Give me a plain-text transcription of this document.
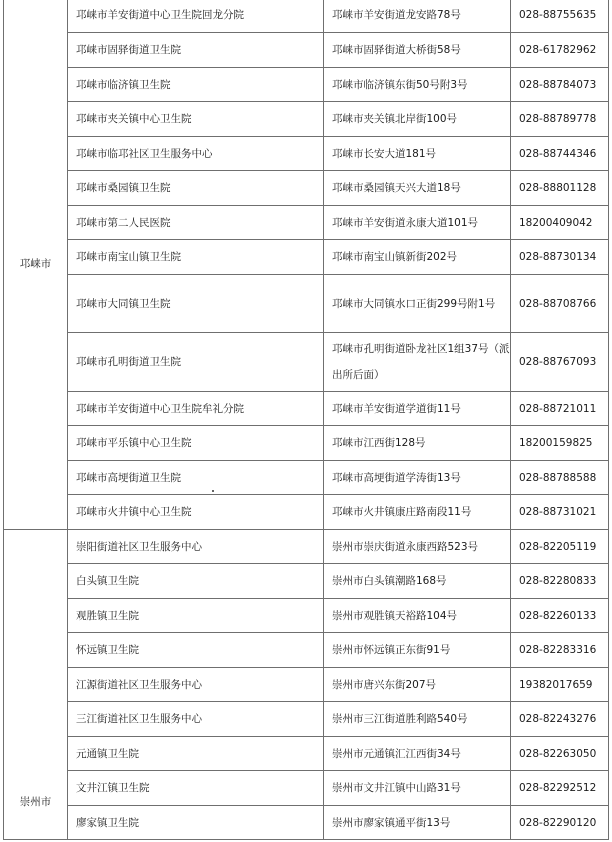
邛崃市	邛崃市羊安街道中心卫生院回龙分院	邛崃市羊安街道龙安路78号	028-88755635
	邛崃市固驿街道卫生院	邛崃市固驿街道大桥街58号	028-61782962
	邛崃市临济镇卫生院	邛崃市临济镇东街50号附3号	028-88784073
	邛崃市夹关镇中心卫生院	邛崃市夹关镇北岸街100号	028-88789778
	邛崃市临邛社区卫生服务中心	邛崃市长安大道181号	028-88744346
	邛崃市桑园镇卫生院	邛崃市桑园镇天兴大道18号	028-88801128
	邛崃市第二人民医院	邛崃市羊安街道永康大道101号	18200409042
	邛崃市南宝山镇卫生院	邛崃市南宝山镇新街202号	028-88730134
	邛崃市大同镇卫生院	邛崃市大同镇水口正街299号附1号	028-88708766
	邛崃市孔明街道卫生院	邛崃市孔明街道卧龙社区1组37号（派出所后面）	028-88767093
	邛崃市羊安街道中心卫生院牟礼分院	邛崃市羊安街道学道街11号	028-88721011
	邛崃市平乐镇中心卫生院	邛崃市江西街128号	18200159825
	邛崃市高埂街道卫生院	邛崃市高埂街道学涛街13号	028-88788588
	邛崃市火井镇中心卫生院	邛崃市火井镇康庄路南段11号	028-88731021
崇州市	崇阳街道社区卫生服务中心	崇州市崇庆街道永康西路523号	028-82205119
	白头镇卫生院	崇州市白头镇潮路168号	028-82280833
	观胜镇卫生院	崇州市观胜镇天裕路104号	028-82260133
	怀远镇卫生院	崇州市怀远镇正东街91号	028-82283316
	江源街道社区卫生服务中心	崇州市唐兴东街207号	19382017659
	三江街道社区卫生服务中心	崇州市三江街道胜利路540号	028-82243276
	元通镇卫生院	崇州市元通镇汇江西街34号	028-82263050
	文井江镇卫生院	崇州市文井江镇中山路31号	028-82292512
	廖家镇卫生院	崇州市廖家镇通平街13号	028-82290120
